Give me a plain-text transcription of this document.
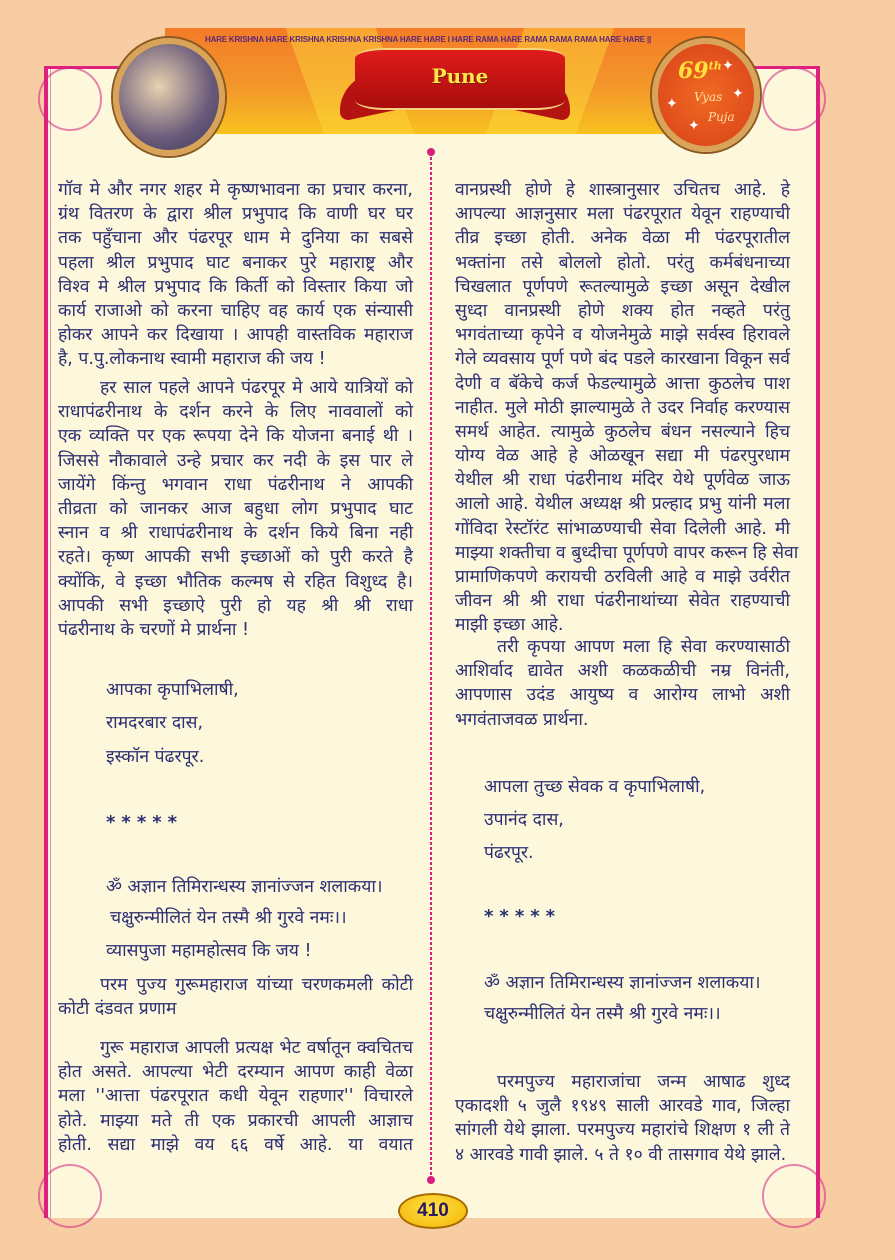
HARE KRISHNA HARE KRISHNA KRISHNA KRISHNA HARE HARE I HARE RAMA HARE RAMA RAMA RAMA HARE HARE ||
Pune	69th
Vyas
Puja
✦
✦
✦
✦
गॉव मे और नगर शहर मे कृष्णभावना का प्रचार करना,
ग्रंथ वितरण के द्वारा श्रील प्रभुपाद कि वाणी घर घर
तक पहुँचाना और पंढरपूर धाम मे दुनिया का सबसे
पहला श्रील प्रभुपाद घाट बनाकर पुरे महाराष्ट्र और
विश्व मे श्रील प्रभुपाद कि किर्ती को विस्तार किया जो
कार्य राजाओ को करना चाहिए वह कार्य एक संन्यासी
होकर आपने कर दिखाया । आपही वास्तविक महाराज
है, प.पु.लोकनाथ स्वामी महाराज की जय !
हर साल पहले आपने पंढरपूर मे आये यात्रियों को
राधापंढरीनाथ के दर्शन करने के लिए नाववालों को
एक व्यक्ति पर एक रूपया देने कि योजना बनाई थी ।
जिससे नौकावाले उन्हे प्रचार कर नदी के इस पार ले
जायेंगे किंन्तु भगवान राधा पंढरीनाथ ने आपकी
तीव्रता को जानकर आज बहुधा लोग प्रभुपाद घाट
स्नान व श्री राधापंढरीनाथ के दर्शन किये बिना नही
रहते। कृष्ण आपकी सभी इच्छाओं को पुरी करते है
क्योंकि, वे इच्छा भौतिक कल्मष से रहित विशुध्द है।
आपकी सभी इच्छाऐ पुरी हो यह श्री श्री राधा
पंढरीनाथ के चरणों मे प्रार्थना !
आपका कृपाभिलाषी,
रामदरबार दास,
इस्कॉन पंढरपूर.
*****
ॐ अज्ञान तिमिरान्धस्य ज्ञानांज्जन शलाकया।
चक्षुरुन्मीलितं येन तस्मै श्री गुरवे नमः।।
व्यासपुजा महामहोत्सव कि जय !
परम पुज्य गुरूमहाराज यांच्या चरणकमली कोटी
कोटी दंडवत प्रणाम
गुरू महाराज आपली प्रत्यक्ष भेट वर्षातून क्वचितच
होत असते. आपल्या भेटी दरम्यान आपण काही वेळा
मला ''आत्ता पंढरपूरात कधी येवून राहणार'' विचारले
होते. माझ्या मते ती एक प्रकारची आपली आज्ञाच
होती. सद्या माझे वय ६६ वर्षे आहे. या वयात
वानप्रस्थी होणे हे शास्त्रानुसार उचितच आहे. हे
आपल्या आज्ञनुसार मला पंढरपूरात येवून राहण्याची
तीव्र इच्छा होती. अनेक वेळा मी पंढरपूरातील
भक्तांना तसे बोललो होतो. परंतु कर्मबंधनाच्या
चिखलात पूर्णपणे रूतल्यामुळे इच्छा असून देखील
सुध्दा वानप्रस्थी होणे शक्य होत नव्हते परंतु
भगवंताच्या कृपेने व योजनेमुळे माझे सर्वस्व हिरावले
गेले व्यवसाय पूर्ण पणे बंद पडले कारखाना विकून सर्व
देणी व बॅकेचे कर्ज फेडल्यामुळे आत्ता कुठलेच पाश
नाहीत. मुले मोठी झाल्यामुळे ते उदर निर्वाह करण्यास
समर्थ आहेत. त्यामुळे कुठलेच बंधन नसल्याने हिच
योग्य वेळ आहे हे ओळखून सद्या मी पंढरपुरधाम
येथील श्री राधा पंढरीनाथ मंदिर येथे पूर्णवेळ जाऊ
आलो आहे. येथील अध्यक्ष श्री प्रल्हाद प्रभु यांनी मला
गोंविदा रेस्टॉरंट सांभाळण्याची सेवा दिलेली आहे. मी
माझ्या शक्तीचा व बुध्दीचा पूर्णपणे वापर करून हि सेवा
प्रामाणिकपणे करायची ठरविली आहे व माझे उर्वरीत
जीवन श्री श्री राधा पंढरीनाथांच्या सेवेत राहण्याची
माझी इच्छा आहे.
तरी कृपया आपण मला हि सेवा करण्यासाठी
आशिर्वाद द्यावेत अशी कळकळीची नम्र विनंती,
आपणास उदंड आयुष्य व आरोग्य लाभो अशी
भगवंताजवळ प्रार्थना.
आपला तुच्छ सेवक व कृपाभिलाषी,
उपानंद दास,
पंढरपूर.
*****
ॐ अज्ञान तिमिरान्धस्य ज्ञानांज्जन शलाकया।
चक्षुरुन्मीलितं येन तस्मै श्री गुरवे नमः।।
परमपुज्य महाराजांचा जन्म आषाढ शुध्द
एकादशी ५ जुलै १९४९ साली आरवडे गाव, जिल्हा
सांगली येथे झाला. परमपुज्य महारांचे शिक्षण १ ली ते
४ आरवडे गावी झाले. ५ ते १० वी तासगाव येथे झाले.
410
